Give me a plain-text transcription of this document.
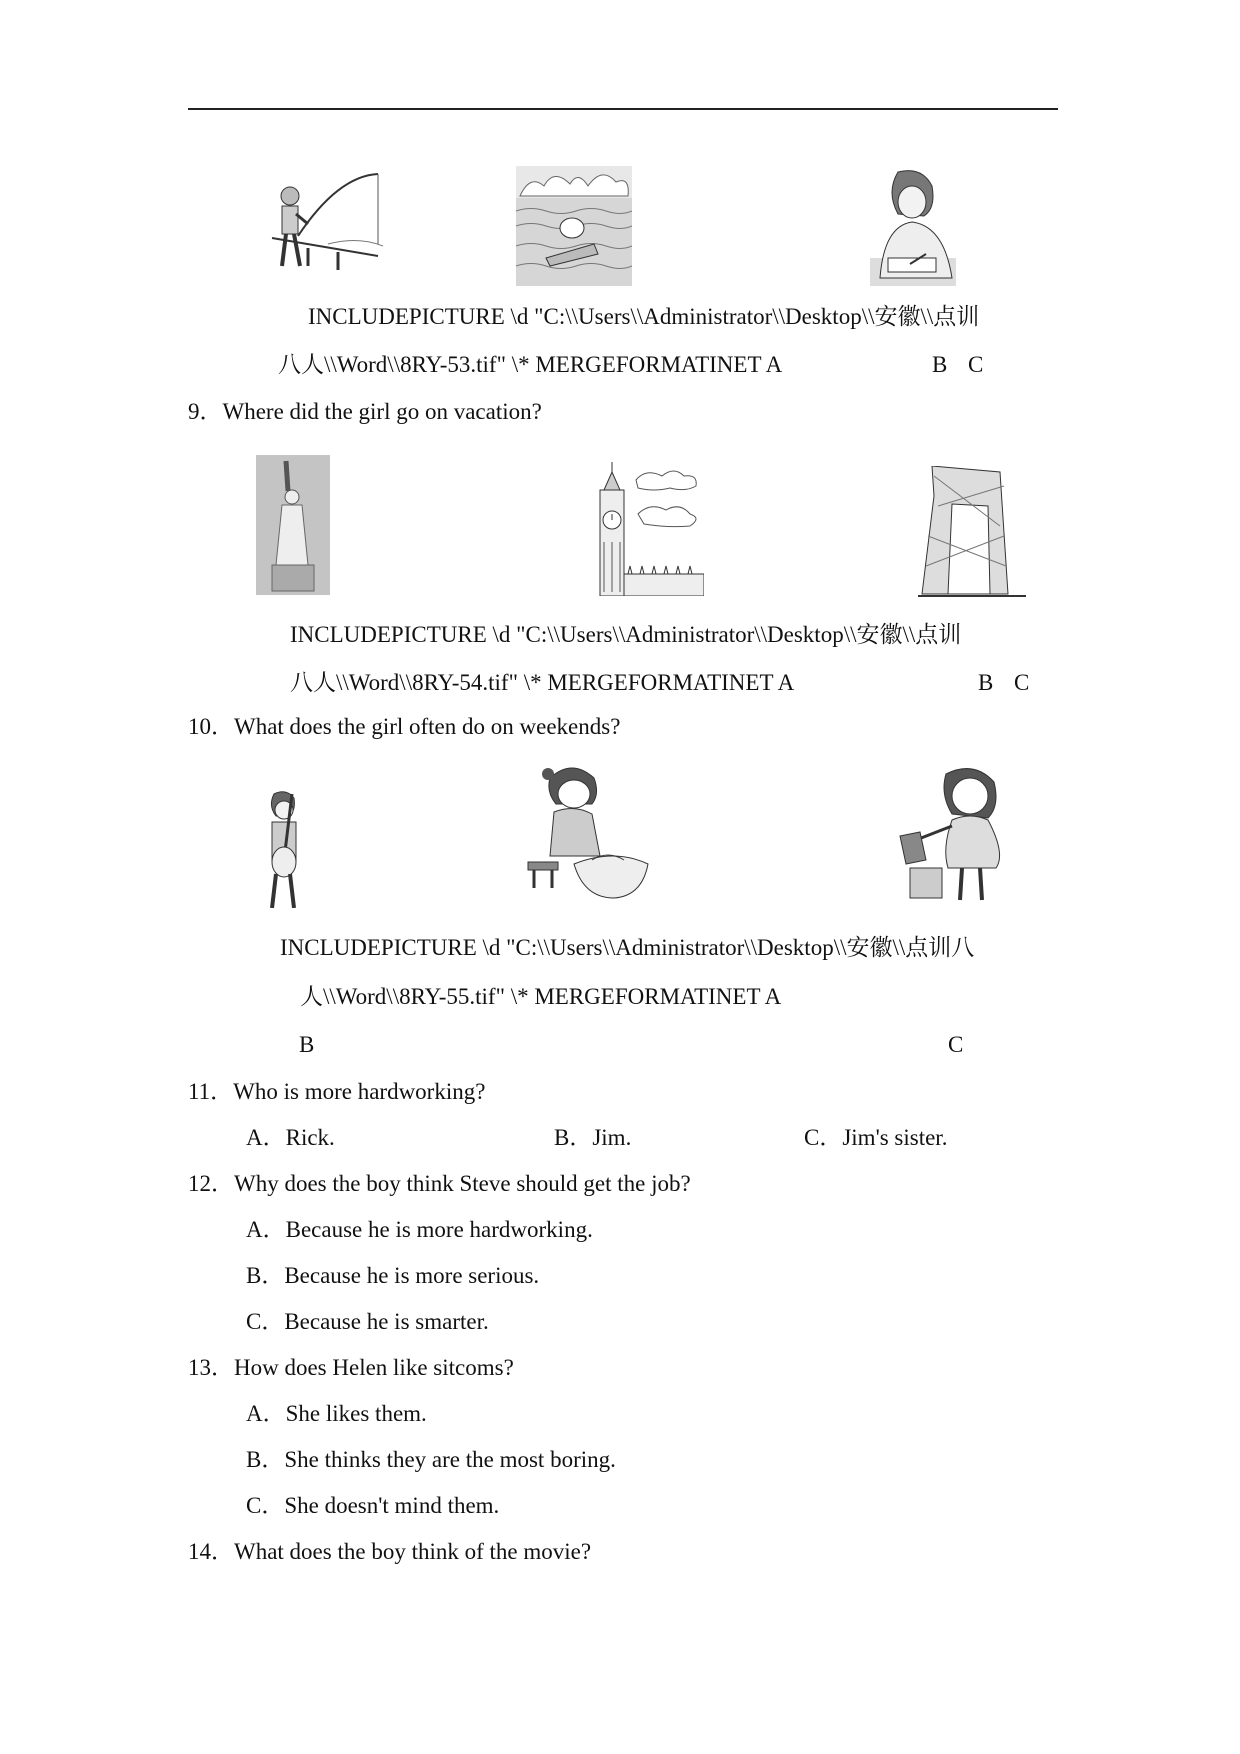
INCLUDEPICTURE \d "C:\\Users\\Administrator\\Desktop\\安徽\\点训
八人\\Word\\8RY-53.tif" \* MERGEFORMATINET A	B C
9．Where did the girl go on vacation?
INCLUDEPICTURE \d "C:\\Users\\Administrator\\Desktop\\安徽\\点训
八人\\Word\\8RY-54.tif" \* MERGEFORMATINET A	B C
10．What does the girl often do on weekends?
INCLUDEPICTURE \d "C:\\Users\\Administrator\\Desktop\\安徽\\点训八
人\\Word\\8RY-55.tif" \* MERGEFORMATINET A
B	C
11．Who is more hardworking?
A．Rick.	B．Jim.	C．Jim's sister.
12．Why does the boy think Steve should get the job?
A．Because he is more hardworking.
B．Because he is more serious.
C．Because he is smarter.
13．How does Helen like sitcoms?
A．She likes them.
B．She thinks they are the most boring.
C．She doesn't mind them.
14．What does the boy think of the movie?
